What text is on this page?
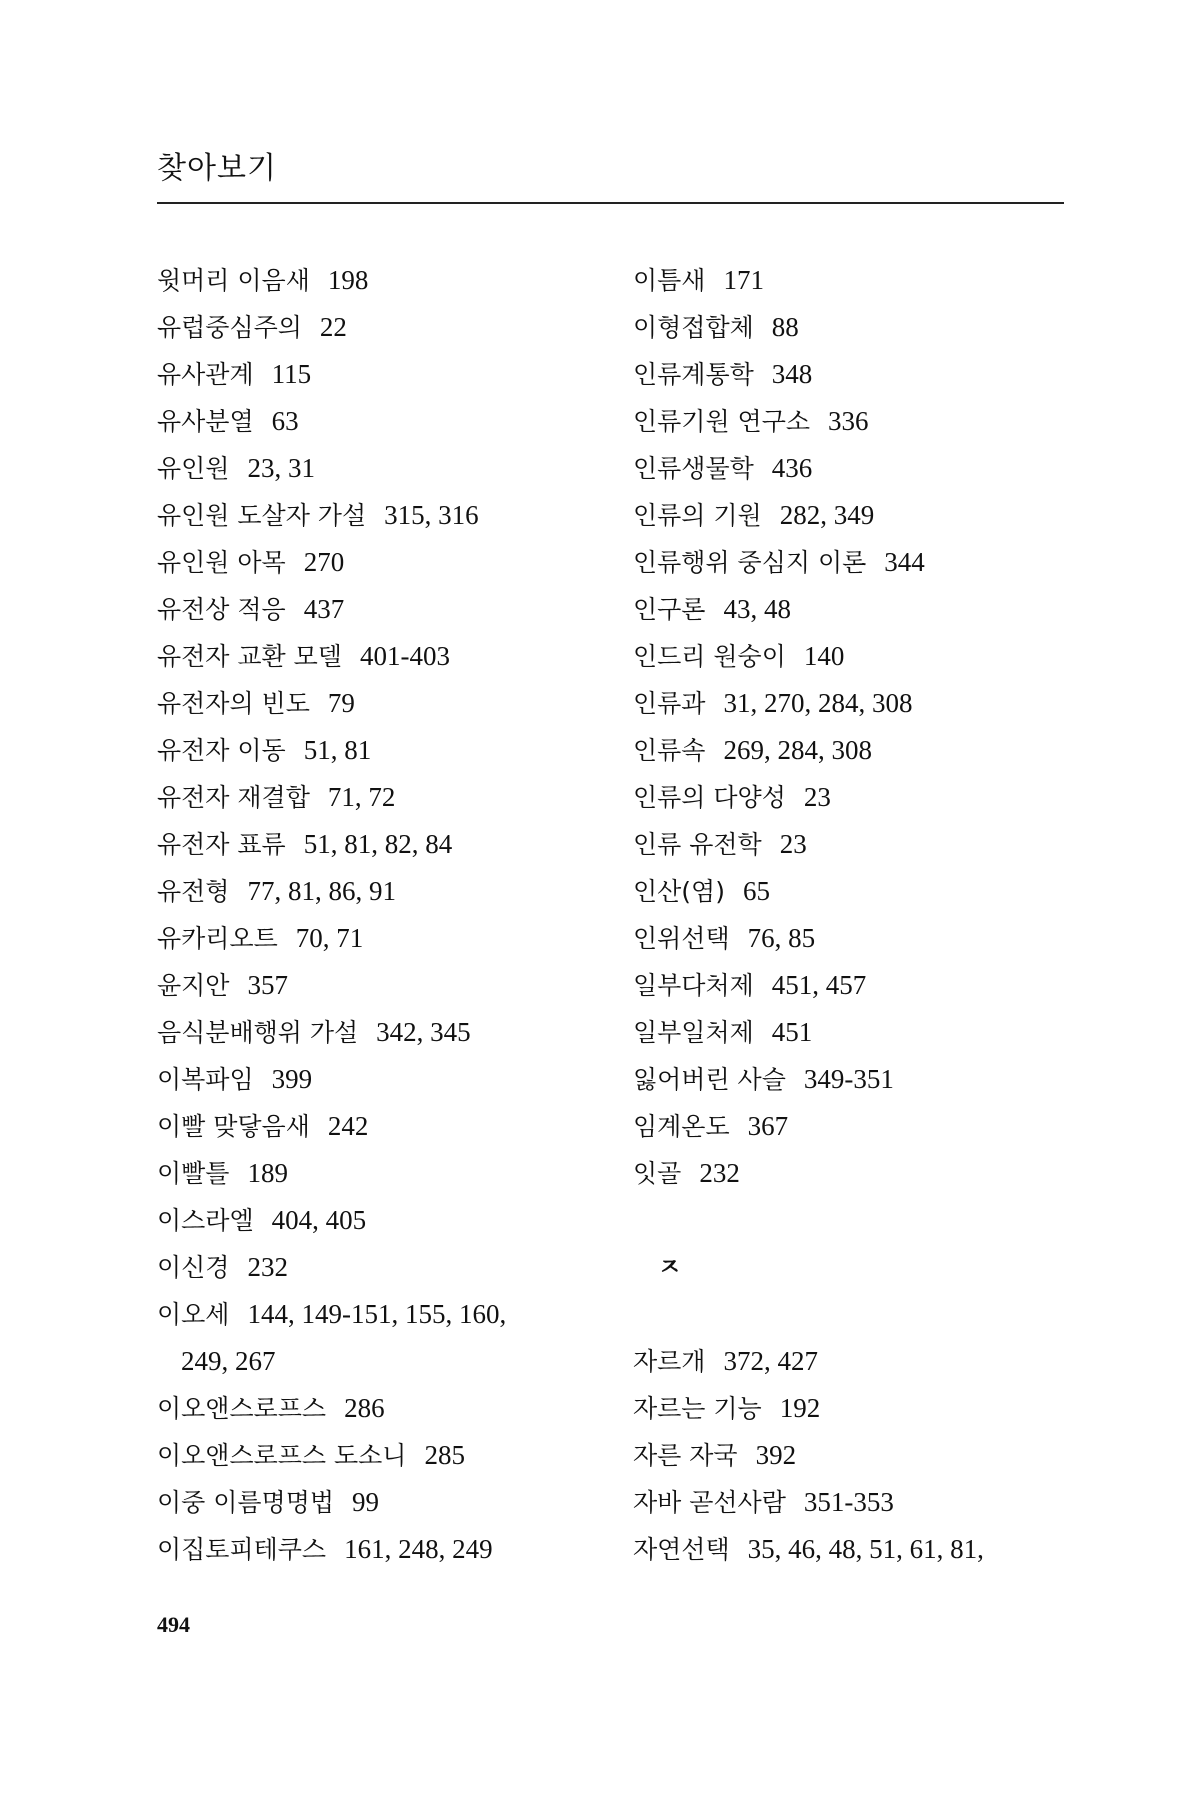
찾아보기
윗머리 이음새 198
유럽중심주의 22
유사관계 115
유사분열 63
유인원 23, 31
유인원 도살자 가설 315, 316
유인원 아목 270
유전상 적응 437
유전자 교환 모델 401-403
유전자의 빈도 79
유전자 이동 51, 81
유전자 재결합 71, 72
유전자 표류 51, 81, 82, 84
유전형 77, 81, 86, 91
유카리오트 70, 71
윤지안 357
음식분배행위 가설 342, 345
이복파임 399
이빨 맞닿음새 242
이빨틀 189
이스라엘 404, 405
이신경 232
이오세 144, 149-151, 155, 160,
249, 267
이오앤스로프스 286
이오앤스로프스 도소니 285
이중 이름명명법 99
이집토피테쿠스 161, 248, 249
이틈새 171
이형접합체 88
인류계통학 348
인류기원 연구소 336
인류생물학 436
인류의 기원 282, 349
인류행위 중심지 이론 344
인구론 43, 48
인드리 원숭이 140
인류과 31, 270, 284, 308
인류속 269, 284, 308
인류의 다양성 23
인류 유전학 23
인산(염) 65
인위선택 76, 85
일부다처제 451, 457
일부일처제 451
잃어버린 사슬 349-351
임계온도 367
잇골 232
ㅈ
자르개 372, 427
자르는 기능 192
자른 자국 392
자바 곧선사람 351-353
자연선택 35, 46, 48, 51, 61, 81,
494
